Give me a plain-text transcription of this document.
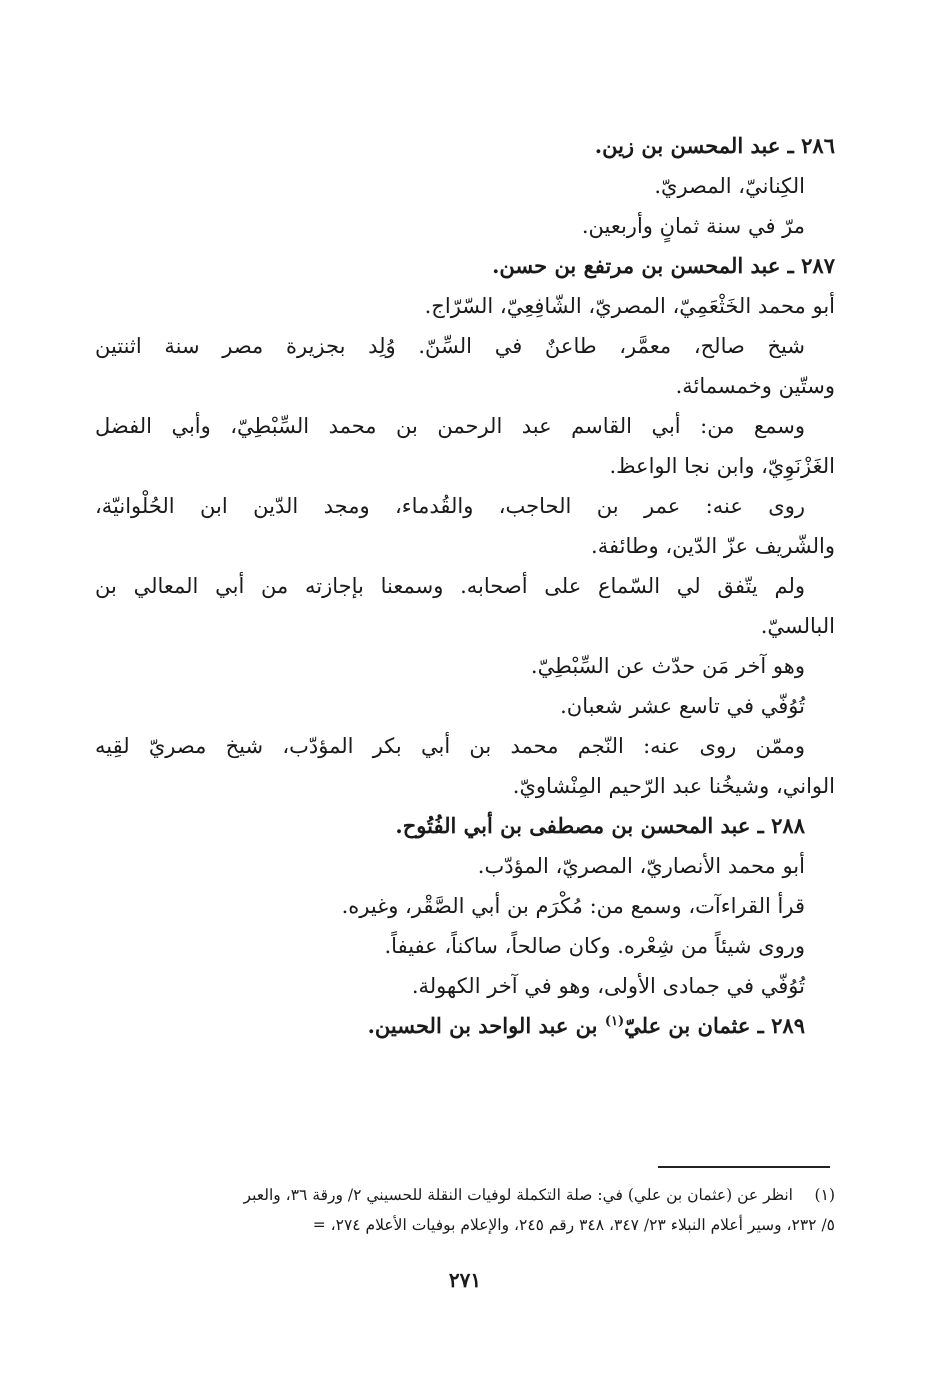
٢٨٦ ـ عبد المحسن بن زين.
الكِنانيّ، المصريّ.
مرّ في سنة ثمانٍ وأربعين.
٢٨٧ ـ عبد المحسن بن مرتفع بن حسن.
أبو محمد الخَثْعَمِيّ، المصريّ، الشّافِعِيّ، السّرّاج.
شيخ صالح، معمَّر، طاعنٌ في السِّنّ. وُلِد بجزيرة مصر سنة اثنتين
وستّين وخمسمائة.
وسمع من: أبي القاسم عبد الرحمن بن محمد السِّبْطِيّ، وأبي الفضل
الغَزْنَوِيّ، وابن نجا الواعظ.
روى عنه: عمر بن الحاجب، والقُدماء، ومجد الدّين ابن الحُلْوانيّة،
والشّريف عزّ الدّين، وطائفة.
ولم يتّفق لي السّماع على أصحابه. وسمعنا بإجازته من أبي المعالي بن
البالسيّ.
وهو آخر مَن حدّث عن السِّبْطِيّ.
تُوُفّي في تاسع عشر شعبان.
وممّن روى عنه: النّجم محمد بن أبي بكر المؤدّب، شيخ مصريّ لقِيه
الواني، وشيخُنا عبد الرّحيم المِنْشاويّ.
٢٨٨ ـ عبد المحسن بن مصطفى بن أبي الفُتُوح.
أبو محمد الأنصاريّ، المصريّ، المؤدّب.
قرأ القراءآت، وسمع من: مُكْرَم بن أبي الصَّقْر، وغيره.
وروى شيئاً من شِعْره. وكان صالحاً، ساكناً، عفيفاً.
تُوُفّي في جمادى الأولى، وهو في آخر الكهولة.
٢٨٩ ـ عثمان بن عليّ$^{(١)}$ بن عبد الواحد بن الحسين.
(١)انظر عن (عثمان بن علي) في: صلة التكملة لوفيات النقلة للحسيني ٢/ ورقة ٣٦، والعبر
٥/ ٢٣٢، وسير أعلام النبلاء ٢٣/ ٣٤٧، ٣٤٨ رقم ٢٤٥، والإعلام بوفيات الأعلام ٢٧٤، =
٢٧١
